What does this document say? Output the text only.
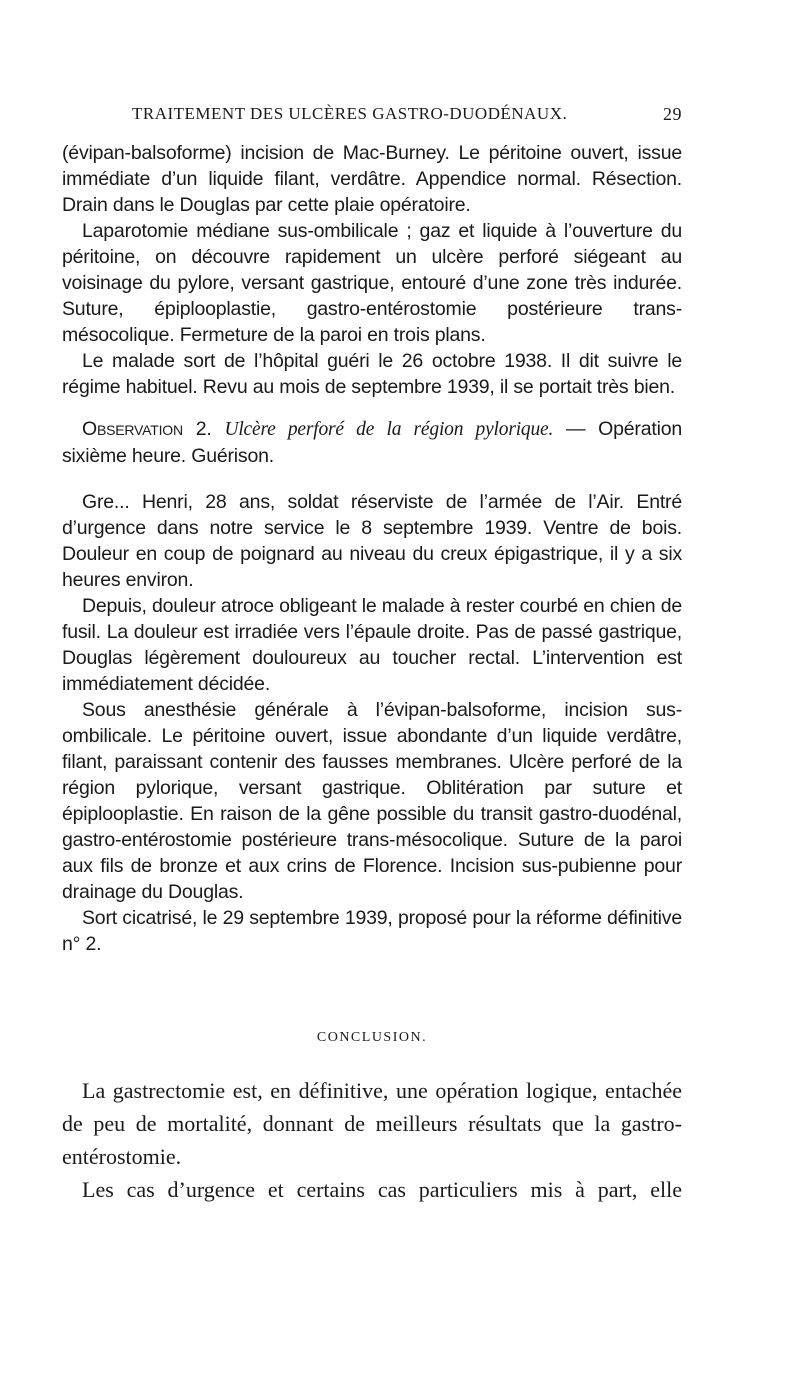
TRAITEMENT DES ULCÈRES GASTRO-DUODÉNAUX.	29

(évipan-balsoforme) incision de Mac-Burney. Le péritoine ouvert, issue immédiate d’un liquide filant, verdâtre. Appendice normal. Résection. Drain dans le Douglas par cette plaie opératoire.

Laparotomie médiane sus-ombilicale ; gaz et liquide à l’ouverture du péritoine, on découvre rapidement un ulcère perforé siégeant au voisinage du pylore, versant gastrique, entouré d’une zone très indurée. Suture, épiplooplastie, gastro-entérostomie postérieure trans-mésocolique. Fermeture de la paroi en trois plans.

Le malade sort de l’hôpital guéri le 26 octobre 1938. Il dit suivre le régime habituel. Revu au mois de septembre 1939, il se portait très bien.

Observation 2. Ulcère perforé de la région pylorique. — Opération sixième heure. Guérison.

Gre... Henri, 28 ans, soldat réserviste de l’armée de l’Air. Entré d’urgence dans notre service le 8 septembre 1939. Ventre de bois. Douleur en coup de poignard au niveau du creux épigastrique, il y a six heures environ.

Depuis, douleur atroce obligeant le malade à rester courbé en chien de fusil. La douleur est irradiée vers l’épaule droite. Pas de passé gastrique, Douglas légèrement douloureux au toucher rectal. L’intervention est immédiatement décidée.

Sous anesthésie générale à l’évipan-balsoforme, incision sus-ombilicale. Le péritoine ouvert, issue abondante d’un liquide verdâtre, filant, paraissant contenir des fausses membranes. Ulcère perforé de la région pylorique, versant gastrique. Oblitération par suture et épiplooplastie. En raison de la gêne possible du transit gastro-duodénal, gastro-entérostomie postérieure trans-mésocolique. Suture de la paroi aux fils de bronze et aux crins de Florence. Incision sus-pubienne pour drainage du Douglas.

Sort cicatrisé, le 29 septembre 1939, proposé pour la réforme définitive n° 2.

CONCLUSION.

La gastrectomie est, en définitive, une opération logique, entachée de peu de mortalité, donnant de meilleurs résultats que la gastro-entérostomie.

Les cas d’urgence et certains cas particuliers mis à part, elle
